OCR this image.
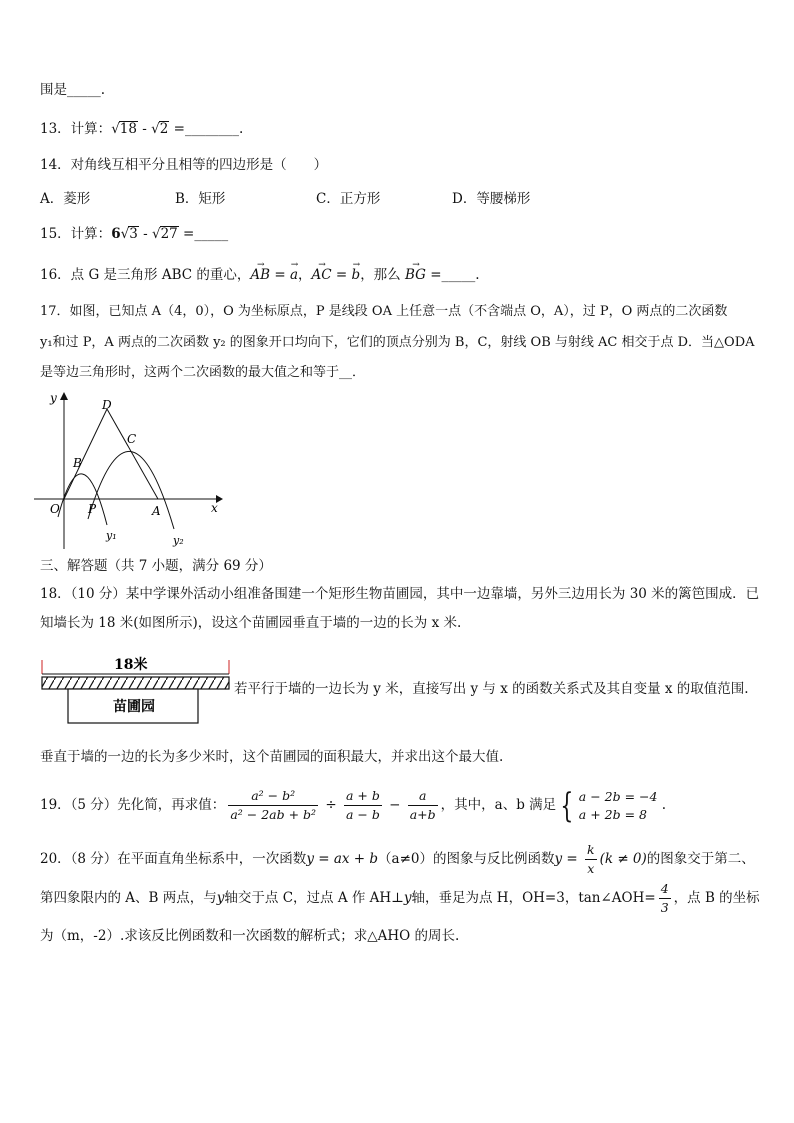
围是_____.
13．计算：√18 - √2 =________.
14．对角线互相平分且相等的四边形是（　　）
A．菱形	B．矩形	C．正方形	D．等腰梯形
15．计算：6√3 - √27 =_____
16．点 G 是三角形 ABC 的重心，→ AB = → a，→ AC = → b，那么 → BG =_____.
17．如图，已知点 A（4，0），O 为坐标原点，P 是线段 OA 上任意一点（不含端点 O，A），过 P，O 两点的二次函数
y₁和过 P，A 两点的二次函数 y₂ 的图象开口均向下，它们的顶点分别为 B，C，射线 OB 与射线 AC 相交于点 D．当△ODA
是等边三角形时，这两个二次函数的最大值之和等于__．
y
x
O P	A
B
C
D
y₁	y₂
三、解答题（共 7 小题，满分 69 分）
18．（10 分）某中学课外活动小组准备围建一个矩形生物苗圃园，其中一边靠墙，另外三边用长为 30 米的篱笆围成．已
知墙长为 18 米(如图所示)，设这个苗圃园垂直于墙的一边的长为 x 米.
18米
苗圃园
若平行于墙的一边长为 y 米，直接写出 y 与 x 的函数关系式及其自变量 x 的取值范围.
垂直于墙的一边的长为多少米时，这个苗圃园的面积最大，并求出这个最大值.
19．（5 分）先化简，再求值： $\frac{\text{a² − b²}}{\text{a² − 2ab + b²}} \div \frac{a + b}{a - b} - \frac{a}{a+b}$ ，其中，a、b 满足 { a − 2b = −4
a + 2b = 8
.
20．（8 分）在平面直角坐标系中，一次函数y = ax + b（a≠0）的图象与反比例函数$y = \frac{k}{x} (k \ne 0)$的图象交于第二、
第四象限内的 A、B 两点，与y轴交于点 C，过点 A 作 AH⊥y轴，垂足为点 H，OH=3，tan∠AOH= $\frac{4}{3}$ ，点 B 的坐标
为（m，-2）.求该反比例函数和一次函数的解析式；求△AHO 的周长.
